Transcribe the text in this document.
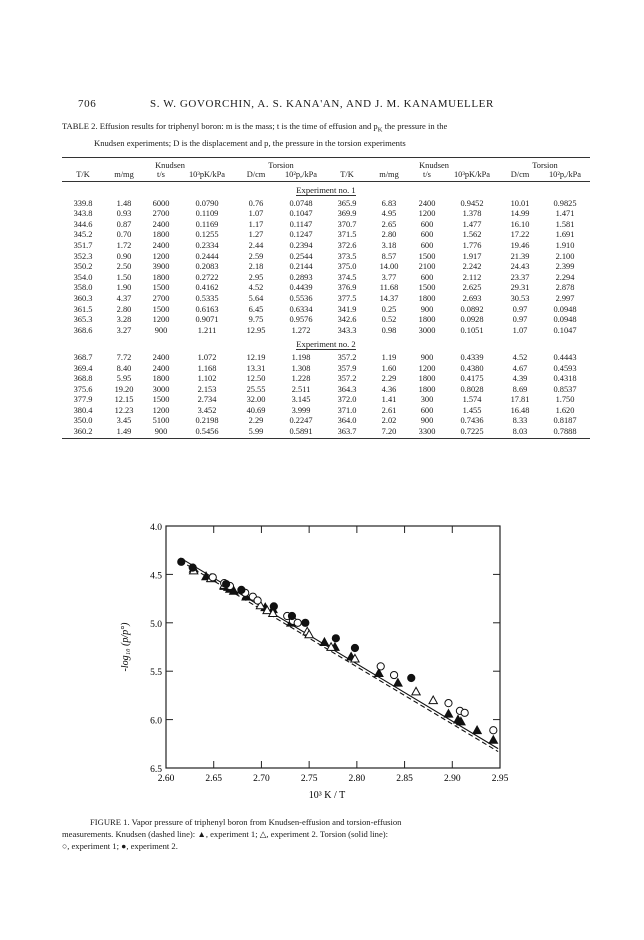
706	S. W. GOVORCHIN, A. S. KANA'AN, AND J. M. KANAMUELLER
TABLE 2. Effusion results for triphenyl boron: m is the mass; t is the time of effusion and $p_K$ the pressure in the
Knudsen experiments; D is the displacement and p, the pressure in the torsion experiments
	Knudsen			Torsion			Knudsen			Torsion	
T/K	m/mg	t/s	10³pK/kPa	D/cm	10²p,/kPa	T/K	m/mg	t/s	10³pK/kPa	D/cm	10²p,/kPa
Experiment no. 1											
339.8	1.48	6000	0.0790	0.76	0.0748	365.9	6.83	2400	0.9452	10.01	0.9825
343.8	0.93	2700	0.1109	1.07	0.1047	369.9	4.95	1200	1.378	14.99	1.471
344.6	0.87	2400	0.1169	1.17	0.1147	370.7	2.65	600	1.477	16.10	1.581
345.2	0.70	1800	0.1255	1.27	0.1247	371.5	2.80	600	1.562	17.22	1.691
351.7	1.72	2400	0.2334	2.44	0.2394	372.6	3.18	600	1.776	19.46	1.910
352.3	0.90	1200	0.2444	2.59	0.2544	373.5	8.57	1500	1.917	21.39	2.100
350.2	2.50	3900	0.2083	2.18	0.2144	375.0	14.00	2100	2.242	24.43	2.399
354.0	1.50	1800	0.2722	2.95	0.2893	374.5	3.77	600	2.112	23.37	2.294
358.0	1.90	1500	0.4162	4.52	0.4439	376.9	11.68	1500	2.625	29.31	2.878
360.3	4.37	2700	0.5335	5.64	0.5536	377.5	14.37	1800	2.693	30.53	2.997
361.5	2.80	1500	0.6163	6.45	0.6334	341.9	0.25	900	0.0892	0.97	0.0948
365.3	3.28	1200	0.9071	9.75	0.9576	342.6	0.52	1800	0.0928	0.97	0.0948
368.6	3.27	900	1.211	12.95	1.272	343.3	0.98	3000	0.1051	1.07	0.1047
Experiment no. 2											
368.7	7.72	2400	1.072	12.19	1.198	357.2	1.19	900	0.4339	4.52	0.4443
369.4	8.40	2400	1.168	13.31	1.308	357.9	1.60	1200	0.4380	4.67	0.4593
368.8	5.95	1800	1.102	12.50	1.228	357.2	2.29	1800	0.4175	4.39	0.4318
375.6	19.20	3000	2.153	25.55	2.511	364.3	4.36	1800	0.8028	8.69	0.8537
377.9	12.15	1500	2.734	32.00	3.145	372.0	1.41	300	1.574	17.81	1.750
380.4	12.23	1200	3.452	40.69	3.999	371.0	2.61	600	1.455	16.48	1.620
350.0	3.45	5100	0.2198	2.29	0.2247	364.0	2.02	900	0.7436	8.33	0.8187
360.2	1.49	900	0.5456	5.99	0.5891	363.7	7.20	3300	0.7225	8.03	0.7888

2.60	2.65	2.70	2.75	2.80	2.85	2.90	2.95
4.0
4.5
5.0
5.5
6.0
6.5
10³ K / T
-log₁₀ (p/p°)
FIGURE 1. Vapor pressure of triphenyl boron from Knudsen-effusion and torsion-effusion
measurements. Knudsen (dashed line): ▲, experiment 1; △, experiment 2. Torsion (solid line):
○, experiment 1; ●, experiment 2.
